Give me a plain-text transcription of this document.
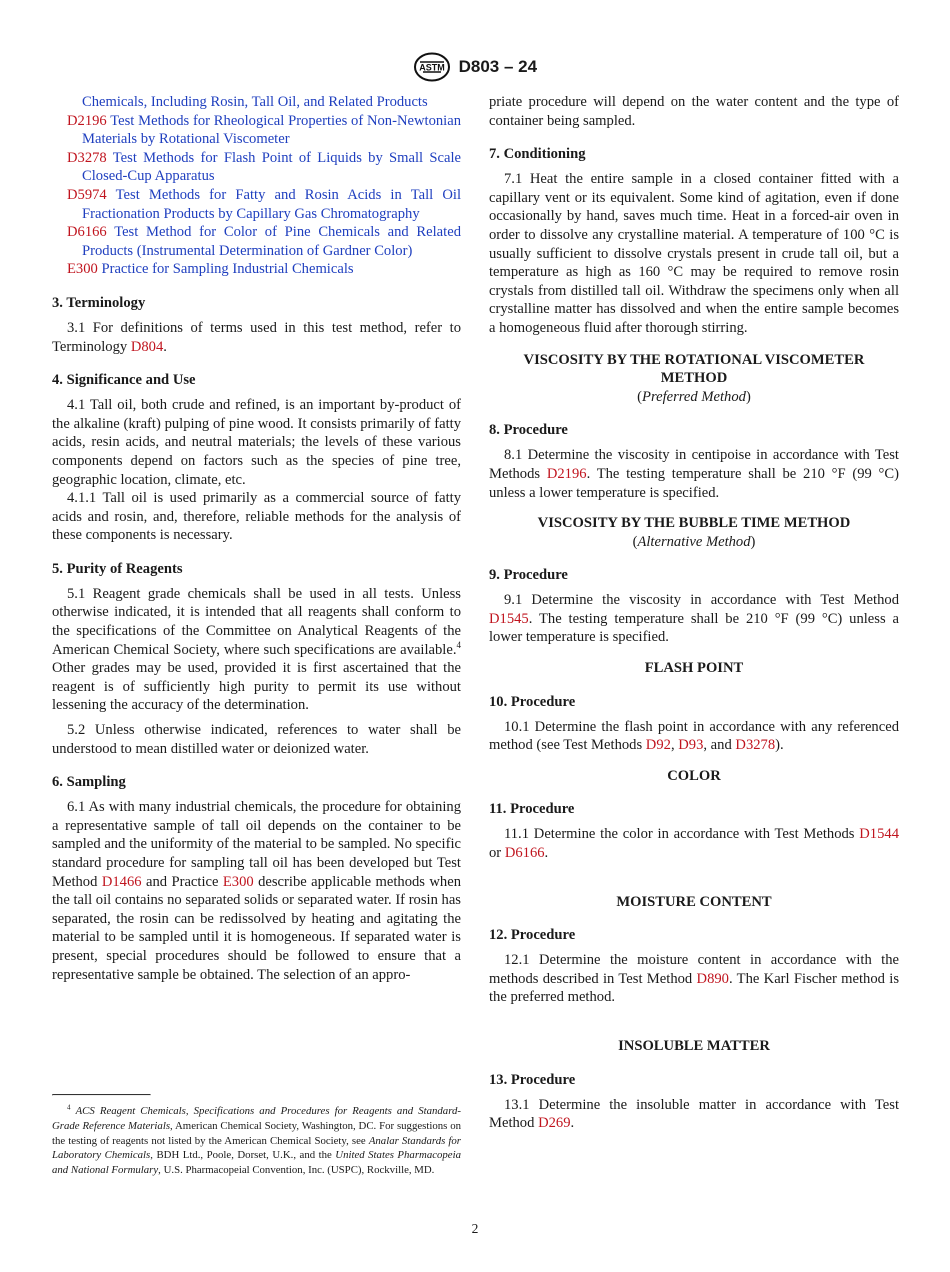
ASTM D803 – 24

Chemicals, Including Rosin, Tall Oil, and Related Products

D2196 Test Methods for Rheological Properties of Non-Newtonian Materials by Rotational Viscometer

D3278 Test Methods for Flash Point of Liquids by Small Scale Closed-Cup Apparatus

D5974 Test Methods for Fatty and Rosin Acids in Tall Oil Fractionation Products by Capillary Gas Chromatography

D6166 Test Method for Color of Pine Chemicals and Related Products (Instrumental Determination of Gardner Color)

E300 Practice for Sampling Industrial Chemicals

3. Terminology

3.1 For definitions of terms used in this test method, refer to Terminology D804.

4. Significance and Use

4.1 Tall oil, both crude and refined, is an important by-product of the alkaline (kraft) pulping of pine wood. It consists primarily of fatty acids, resin acids, and neutral materials; the levels of these various components depend on factors such as the species of pine tree, geographic location, climate, etc.

4.1.1 Tall oil is used primarily as a commercial source of fatty acids and rosin, and, therefore, reliable methods for the analysis of these components is necessary.

5. Purity of Reagents

5.1 Reagent grade chemicals shall be used in all tests. Unless otherwise indicated, it is intended that all reagents shall conform to the specifications of the Committee on Analytical Reagents of the American Chemical Society, where such specifications are available.$^4$ Other grades may be used, provided it is first ascertained that the reagent is of sufficiently high purity to permit its use without lessening the accuracy of the determination.

5.2 Unless otherwise indicated, references to water shall be understood to mean distilled water or deionized water.

6. Sampling

6.1 As with many industrial chemicals, the procedure for obtaining a representative sample of tall oil depends on the container to be sampled and the uniformity of the material to be sampled. No specific standard procedure for sampling tall oil has been developed but Test Method D1466 and Practice E300 describe applicable methods when the tall oil contains no separated solids or separated water. If rosin has separated, the rosin can be redissolved by heating and agitating the material to be sampled until it is homogeneous. If separated water is present, special procedures should be followed to ensure that a representative sample be obtained. The selection of an appro-

$^4$ ACS Reagent Chemicals, Specifications and Procedures for Reagents and Standard-Grade Reference Materials, American Chemical Society, Washington, DC. For suggestions on the testing of reagents not listed by the American Chemical Society, see Analar Standards for Laboratory Chemicals, BDH Ltd., Poole, Dorset, U.K., and the United States Pharmacopeia and National Formulary, U.S. Pharmacopeial Convention, Inc. (USPC), Rockville, MD.

priate procedure will depend on the water content and the type of container being sampled.

7. Conditioning

7.1 Heat the entire sample in a closed container fitted with a capillary vent or its equivalent. Some kind of agitation, even if done occasionally by hand, saves much time. Heat in a forced-air oven in order to dissolve any crystalline material. A temperature of 100 °C is usually sufficient to dissolve crystals present in crude tall oil, but a temperature as high as 160 °C may be required to remove rosin crystals from distilled tall oil. Withdraw the specimens only when all crystalline matter has dissolved and when the entire sample becomes a homogeneous fluid after thorough stirring.

VISCOSITY BY THE ROTATIONAL VISCOMETER METHOD

(Preferred Method)

8. Procedure

8.1 Determine the viscosity in centipoise in accordance with Test Methods D2196. The testing temperature shall be 210 °F (99 °C) unless a lower temperature is specified.

VISCOSITY BY THE BUBBLE TIME METHOD

(Alternative Method)

9. Procedure

9.1 Determine the viscosity in accordance with Test Method D1545. The testing temperature shall be 210 °F (99 °C) unless a lower temperature is specified.

FLASH POINT

10. Procedure

10.1 Determine the flash point in accordance with any referenced method (see Test Methods D92, D93, and D3278).

COLOR

11. Procedure

11.1 Determine the color in accordance with Test Methods D1544 or D6166.

MOISTURE CONTENT

12. Procedure

12.1 Determine the moisture content in accordance with the methods described in Test Method D890. The Karl Fischer method is the preferred method.

INSOLUBLE MATTER

13. Procedure

13.1 Determine the insoluble matter in accordance with Test Method D269.

2
